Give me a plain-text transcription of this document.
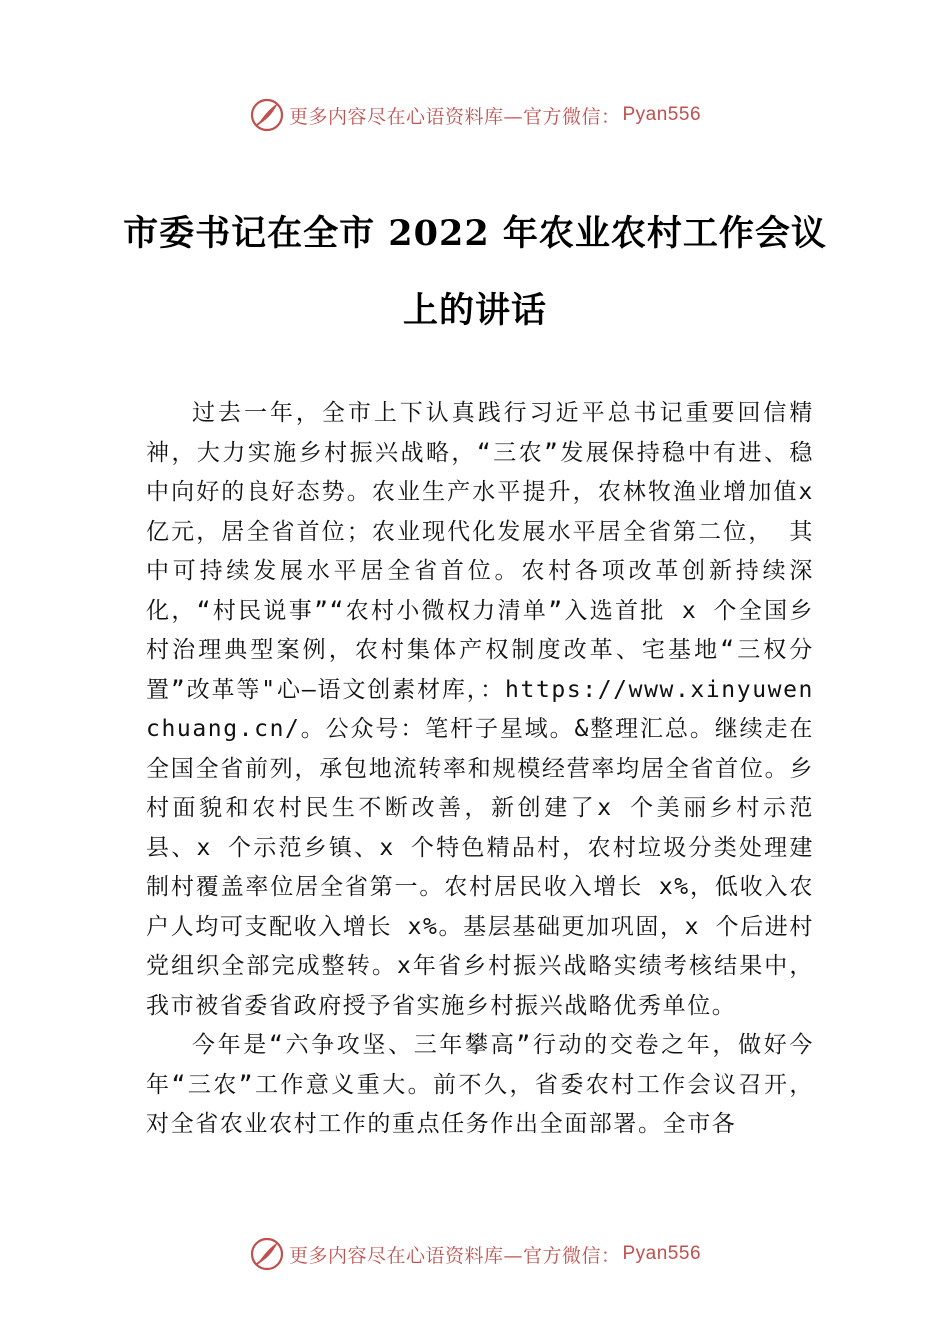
更多内容尽在心语资料库—官方微信： Pyan556
市委书记在全市 2022 年农业农村工作会议
上的讲话

过去一年，全市上下认真践行习近平总书记重要回信精神，大力实施乡村振兴战略，“三农”发展保持稳中有进、稳中向好的良好态势。农业生产水平提升，农林牧渔业增加值x 亿元，居全省首位；农业现代化发展水平居全省第二位， 其中可持续发展水平居全省首位。农村各项改革创新持续深化，“村民说事”“农村小微权力清单”入选首批 x 个全国乡村治理典型案例，农村集体产权制度改革、宅基地“三权分置”改革等"心—语文创素材库，：https://www.xinyuwenchuang.cn/。公众号：笔杆子星域。&整理汇总。继续走在全国全省前列，承包地流转率和规模经营率均居全省首位。乡村面貌和农村民生不断改善，新创建了x 个美丽乡村示范县、x 个示范乡镇、x 个特色精品村，农村垃圾分类处理建制村覆盖率位居全省第一。农村居民收入增长 x%，低收入农户人均可支配收入增长 x%。基层基础更加巩固，x 个后进村党组织全部完成整转。x年省乡村振兴战略实绩考核结果中，我市被省委省政府授予省实施乡村振兴战略优秀单位。

今年是“六争攻坚、三年攀高”行动的交卷之年，做好今年“三农”工作意义重大。前不久，省委农村工作会议召开，对全省农业农村工作的重点任务作出全面部署。全市各

更多内容尽在心语资料库—官方微信： Pyan556
